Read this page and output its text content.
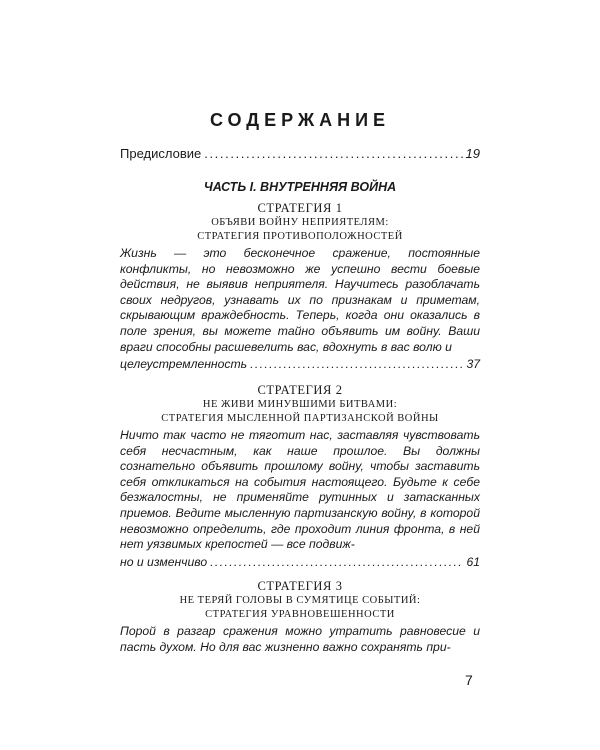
СОДЕРЖАНИЕ
Предисловие . . .	19
ЧАСТЬ I. ВНУТРЕННЯЯ ВОЙНА
СТРАТЕГИЯ 1
ОБЪЯВИ ВОЙНУ НЕПРИЯТЕЛЯМ:
СТРАТЕГИЯ ПРОТИВОПОЛОЖНОСТЕЙ
Жизнь — это бесконечное сражение, постоянные конфликты, но невозможно же успешно вести боевые действия, не выявив неприятеля. Научитесь разоблачать своих недругов, узнавать их по признакам и приметам, скрывающим враждебность. Теперь, когда они оказались в поле зрения, вы можете тайно объявить им войну. Ваши враги способны расшевелить вас, вдохнуть в вас волю и
целеустремленность . . .	37
СТРАТЕГИЯ 2
НЕ ЖИВИ МИНУВШИМИ БИТВАМИ:
СТРАТЕГИЯ МЫСЛЕННОЙ ПАРТИЗАНСКОЙ ВОЙНЫ
Ничто так часто не тяготит нас, заставляя чувствовать себя несчастным, как наше прошлое. Вы должны сознательно объявить прошлому войну, чтобы заставить себя откликаться на события настоящего. Будьте к себе безжалостны, не применяйте рутинных и затасканных приемов. Ведите мысленную партизанскую войну, в которой невозможно определить, где проходит линия фронта, в ней нет уязвимых крепостей — все подвиж-
но и изменчиво . . .	61
СТРАТЕГИЯ 3
НЕ ТЕРЯЙ ГОЛОВЫ В СУМЯТИЦЕ СОБЫТИЙ:
СТРАТЕГИЯ УРАВНОВЕШЕННОСТИ
Порой в разгар сражения можно утратить равновесие и пасть духом. Но для вас жизненно важно сохранять при-
7
